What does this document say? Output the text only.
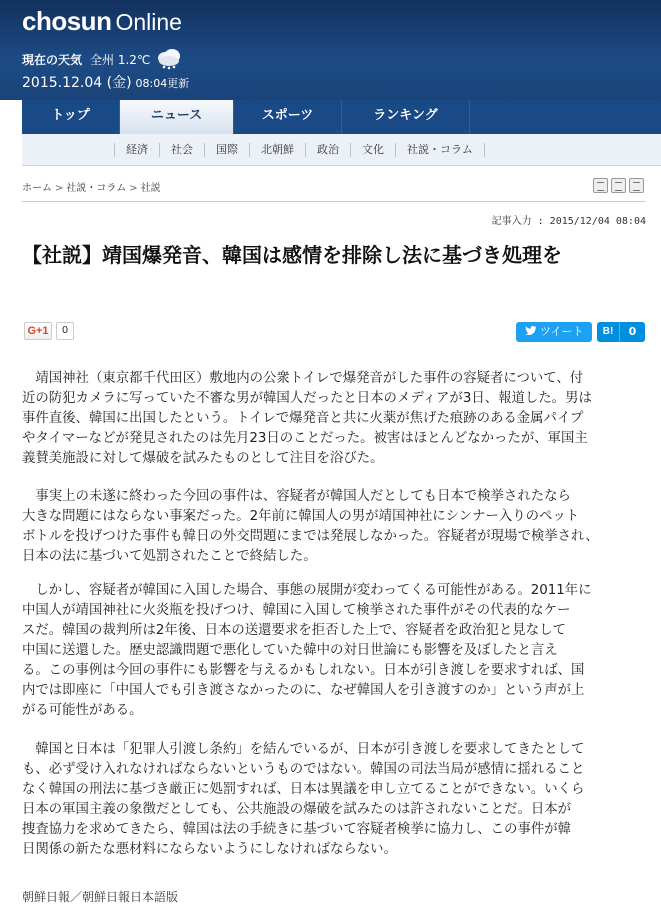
chosun Online
現在の天気 全州 1.2℃
2015.12.04 (金) 08:04更新
トップ	ニュース	スポーツ	ランキング
経済	社会	国際	北朝鮮	政治	文化	社説・コラム
ホーム > 社説・コラム > 社説
記事入力 : 2015/12/04 08:04
【社説】靖国爆発音、韓国は感情を排除し法に基づき処理を
G+1	0	ツイート	B!	0
　靖国神社（東京都千代田区）敷地内の公衆トイレで爆発音がした事件の容疑者について、付
近の防犯カメラに写っていた不審な男が韓国人だったと日本のメディアが3日、報道した。男は
事件直後、韓国に出国したという。トイレで爆発音と共に火薬が焦げた痕跡のある金属パイプ
やタイマーなどが発見されたのは先月23日のことだった。被害はほとんどなかったが、軍国主
義賛美施設に対して爆破を試みたものとして注目を浴びた。
　事実上の未遂に終わった今回の事件は、容疑者が韓国人だとしても日本で検挙されたなら
大きな問題にはならない事案だった。2年前に韓国人の男が靖国神社にシンナー入りのペット
ボトルを投げつけた事件も韓日の外交問題にまでは発展しなかった。容疑者が現場で検挙され、
日本の法に基づいて処罰されたことで終結した。
　しかし、容疑者が韓国に入国した場合、事態の展開が変わってくる可能性がある。2011年に
中国人が靖国神社に火炎瓶を投げつけ、韓国に入国して検挙された事件がその代表的なケー
スだ。韓国の裁判所は2年後、日本の送還要求を拒否した上で、容疑者を政治犯と見なして
中国に送還した。歴史認識問題で悪化していた韓中の対日世論にも影響を及ぼしたと言え
る。この事例は今回の事件にも影響を与えるかもしれない。日本が引き渡しを要求すれば、国
内では即座に「中国人でも引き渡さなかったのに、なぜ韓国人を引き渡すのか」という声が上
がる可能性がある。
　韓国と日本は「犯罪人引渡し条約」を結んでいるが、日本が引き渡しを要求してきたとして
も、必ず受け入れなければならないというものではない。韓国の司法当局が感情に揺れること
なく韓国の刑法に基づき厳正に処罰すれば、日本は異議を申し立てることができない。いくら
日本の軍国主義の象徴だとしても、公共施設の爆破を試みたのは許されないことだ。日本が
捜査協力を求めてきたら、韓国は法の手続きに基づいて容疑者検挙に協力し、この事件が韓
日関係の新たな悪材料にならないようにしなければならない。
朝鮮日報／朝鮮日報日本語版
